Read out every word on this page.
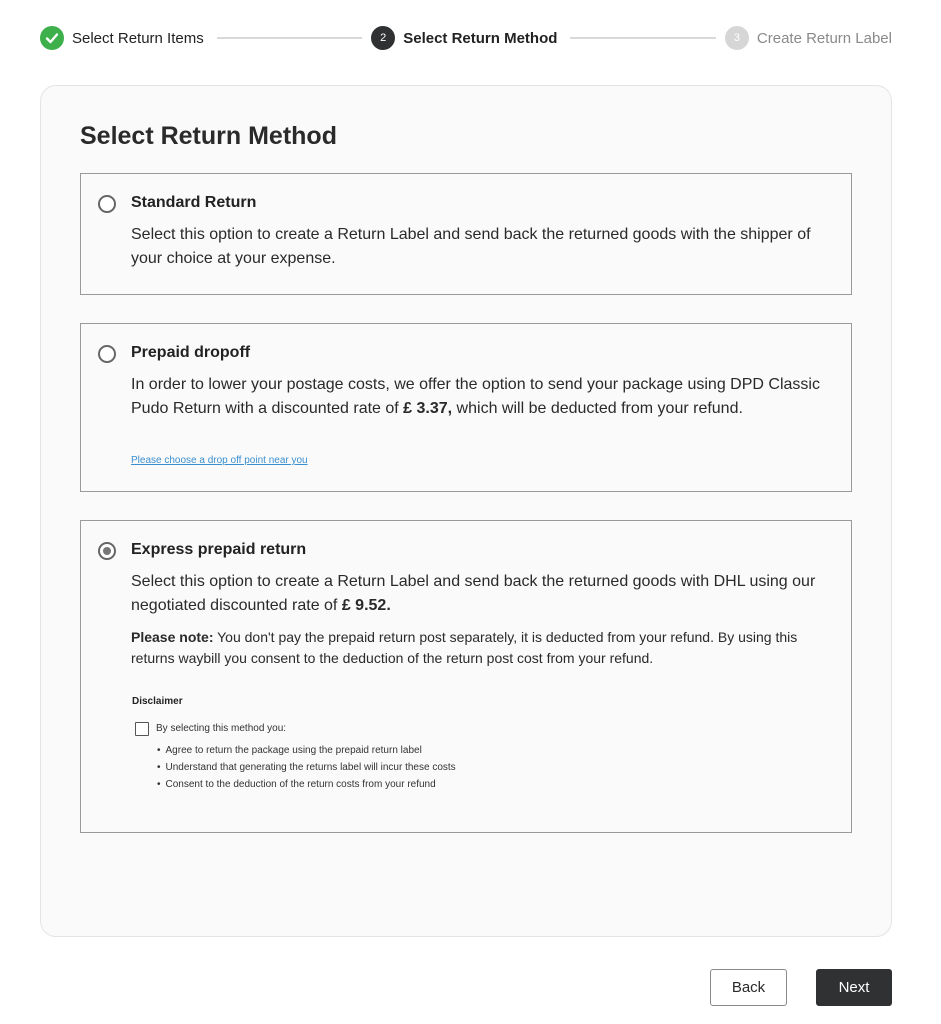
Select Return Items	2	Select Return Method	3	Create Return Label
Select Return Method
Standard Return
Select this option to create a Return Label and send back the returned goods with the shipper of your choice at your expense.
Prepaid dropoff
In order to lower your postage costs, we offer the option to send your package using DPD Classic Pudo Return with a discounted rate of £ 3.37, which will be deducted from your refund.
Please choose a drop off point near you
Express prepaid return
Select this option to create a Return Label and send back the returned goods with DHL using our negotiated discounted rate of £ 9.52.
Please note: You don't pay the prepaid return post separately, it is deducted from your refund. By using this returns waybill you consent to the deduction of the return post cost from your refund.
Disclaimer
By selecting this method you:
• Agree to return the package using the prepaid return label
• Understand that generating the returns label will incur these costs
• Consent to the deduction of the return costs from your refund
Back	Next
